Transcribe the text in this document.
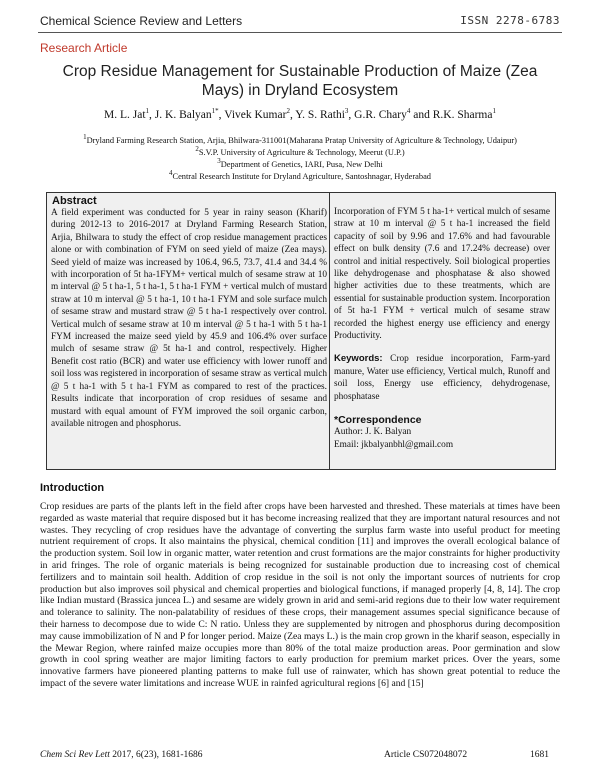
Chemical Science Review and Letters	ISSN 2278-6783
Research Article
Crop Residue Management for Sustainable Production of Maize (Zea Mays) in Dryland Ecosystem
M. L. Jat$^1$, J. K. Balyan$^{1*}$, Vivek Kumar$^2$, Y. S. Rathi$^3$, G.R. Chary$^4$ and R.K. Sharma$^1$
$^1$Dryland Farming Research Station, Arjia, Bhilwara-311001(Maharana Pratap University of Agriculture & Technology, Udaipur)
$^2$S.V.P. University of Agriculture & Technology, Meerut (U.P.)
$^3$Department of Genetics, IARI, Pusa, New Delhi
$^4$Central Research Institute for Dryland Agriculture, Santoshnagar, Hyderabad
Abstract
A field experiment was conducted for 5 year in rainy season (Kharif) during 2012-13 to 2016-2017 at Dryland Farming Research Station, Arjia, Bhilwara to study the effect of crop residue management practices alone or with combination of FYM on seed yield of maize (Zea mays). Seed yield of maize was increased by 106.4, 96.5, 73.7, 41.4 and 34.4 % with incorporation of 5t ha-1FYM+ vertical mulch of sesame straw at 10 m interval @ 5 t ha-1, 5 t ha-1, 5 t ha-1 FYM + vertical mulch of mustard straw at 10 m interval @ 5 t ha-1, 10 t ha-1 FYM and sole surface mulch of sesame straw and mustard straw @ 5 t ha-1 respectively over control. Vertical mulch of sesame straw at 10 m interval @ 5 t ha-1 with 5 t ha-1 FYM increased the maize seed yield by 45.9 and 106.4% over surface mulch of sesame straw @ 5t ha-1 and control, respectively. Higher Benefit cost ratio (BCR) and water use efficiency with lower runoff and soil loss was registered in incorporation of sesame straw as vertical mulch @ 5 t ha-1 with 5 t ha-1 FYM as compared to rest of the practices. Results indicate that incorporation of crop residues of sesame and mustard with equal amount of FYM improved the soil organic carbon, available nitrogen and phosphorus.
Incorporation of FYM 5 t ha-1+ vertical mulch of sesame straw at 10 m interval @ 5 t ha-1 increased the field capacity of soil by 9.96 and 17.6% and had favourable effect on bulk density (7.6 and 17.24% decrease) over control and initial respectively. Soil biological properties like dehydrogenase and phosphatase & also showed higher activities due to these treatments, which are essential for sustainable production system. Incorporation of 5t ha-1 FYM + vertical mulch of sesame straw recorded the highest energy use efficiency and energy Productivity.
Keywords: Crop residue incorporation, Farm-yard manure, Water use efficiency, Vertical mulch, Runoff and soil loss, Energy use efficiency, dehydrogenase, phosphatase
*Correspondence
Author: J. K. Balyan
Email: jkbalyanbhl@gmail.com
Introduction
Crop residues are parts of the plants left in the field after crops have been harvested and threshed. These materials at times have been regarded as waste material that require disposed but it has become increasing realized that they are important natural resources and not wastes. They recycling of crop residues have the advantage of converting the surplus farm waste into useful product for meeting nutrient requirement of crops. It also maintains the physical, chemical condition [11] and improves the overall ecological balance of the production system. Soil low in organic matter, water retention and crust formations are the major constraints for higher productivity in arid fringes. The role of organic materials is being recognized for sustainable production due to increasing cost of chemical fertilizers and to maintain soil health. Addition of crop residue in the soil is not only the important sources of nutrients for crop production but also improves soil physical and chemical properties and biological functions, if managed properly [4, 8, 14]. The crop like Indian mustard (Brassica juncea L.) and sesame are widely grown in arid and semi-arid regions due to their low water requirement and tolerance to salinity. The non-palatability of residues of these crops, their management assumes special significance because of their harness to decompose due to wide C: N ratio. Unless they are supplemented by nitrogen and phosphorus during decomposition may cause immobilization of N and P for longer period. Maize (Zea mays L.) is the main crop grown in the kharif season, especially in the Mewar Region, where rainfed maize occupies more than 80% of the total maize production areas. Poor germination and slow growth in cool spring weather are major limiting factors to early production for premium market prices. Over the years, some innovative farmers have pioneered planting patterns to make full use of rainwater, which has shown great potential to reduce the impact of the severe water limitations and increase WUE in rainfed agricultural regions [6] and [15]
Chem Sci Rev Lett 2017, 6(23), 1681-1686	Article CS072048072	1681
